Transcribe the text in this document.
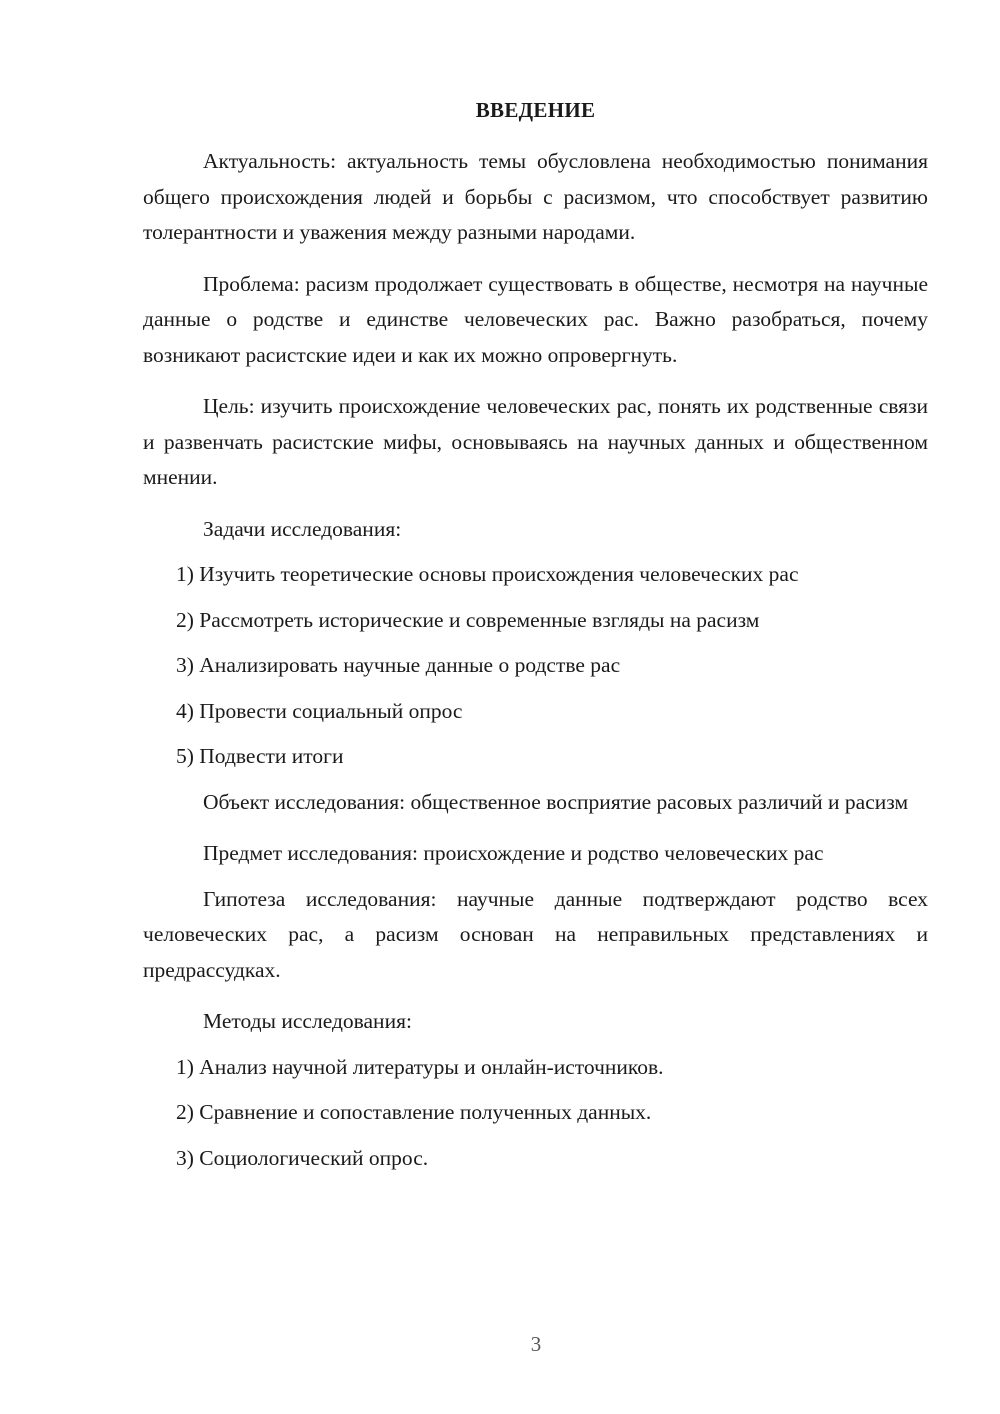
ВВЕДЕНИЕ

Актуальность: актуальность темы обусловлена необходимостью понимания общего происхождения людей и борьбы с расизмом, что способствует развитию толерантности и уважения между разными народами.

Проблема: расизм продолжает существовать в обществе, несмотря на научные данные о родстве и единстве человеческих рас. Важно разобраться, почему возникают расистские идеи и как их можно опровергнуть.

Цель: изучить происхождение человеческих рас, понять их родственные связи и развенчать расистские мифы, основываясь на научных данных и общественном мнении.

Задачи исследования:
1) Изучить теоретические основы происхождения человеческих рас
2) Рассмотреть исторические и современные взгляды на расизм
3) Анализировать научные данные о родстве рас
4) Провести социальный опрос
5) Подвести итоги

Объект исследования: общественное восприятие расовых различий и расизм

Предмет исследования: происхождение и родство человеческих рас

Гипотеза исследования: научные данные подтверждают родство всех человеческих рас, а расизм основан на неправильных представлениях и предрассудках.

Методы исследования:
1) Анализ научной литературы и онлайн-источников.
2) Сравнение и сопоставление полученных данных.
3) Социологический опрос.
3
